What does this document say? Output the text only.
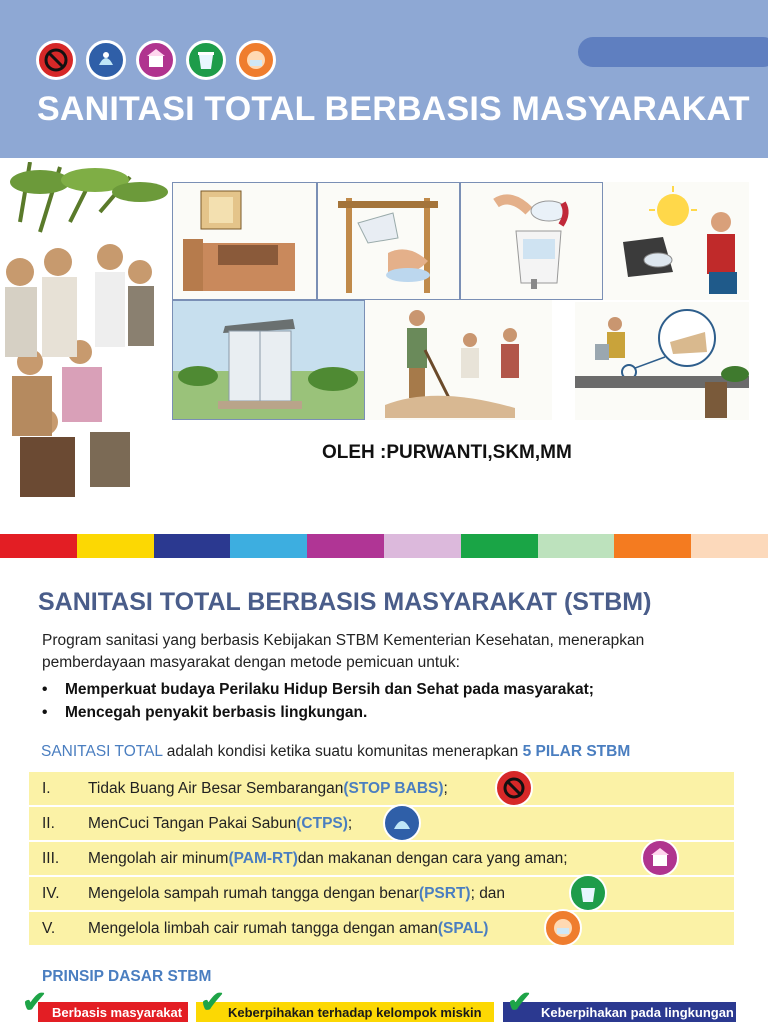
SANITASI TOTAL BERBASIS MASYARAKAT
OLEH :PURWANTI,SKM,MM
SANITASI TOTAL BERBASIS MASYARAKAT (STBM)

Program sanitasi yang berbasis Kebijakan STBM Kementerian Kesehatan, menerapkan pemberdayaan masyarakat dengan metode pemicuan untuk:

•	Memperkuat budaya Perilaku Hidup Bersih dan Sehat pada masyarakat;
•	Mencegah penyakit berbasis lingkungan.
SANITASI TOTAL adalah kondisi ketika suatu komunitas menerapkan 5 PILAR STBM
I.	Tidak Buang Air Besar Sembarangan (STOP BABS) ;
II.	MenCuci Tangan Pakai Sabun (CTPS) ;
III.	Mengolah air minum (PAM-RT) dan makanan dengan cara yang aman;
IV.	Mengelola sampah rumah tangga dengan benar (PSRT) ; dan
V.	Mengelola limbah cair rumah tangga dengan aman (SPAL)
PRINSIP DASAR STBM
Berbasis masyarakat
✔	Keberpihakan terhadap kelompok miskin
✔	Keberpihakan pada lingkungan
✔
